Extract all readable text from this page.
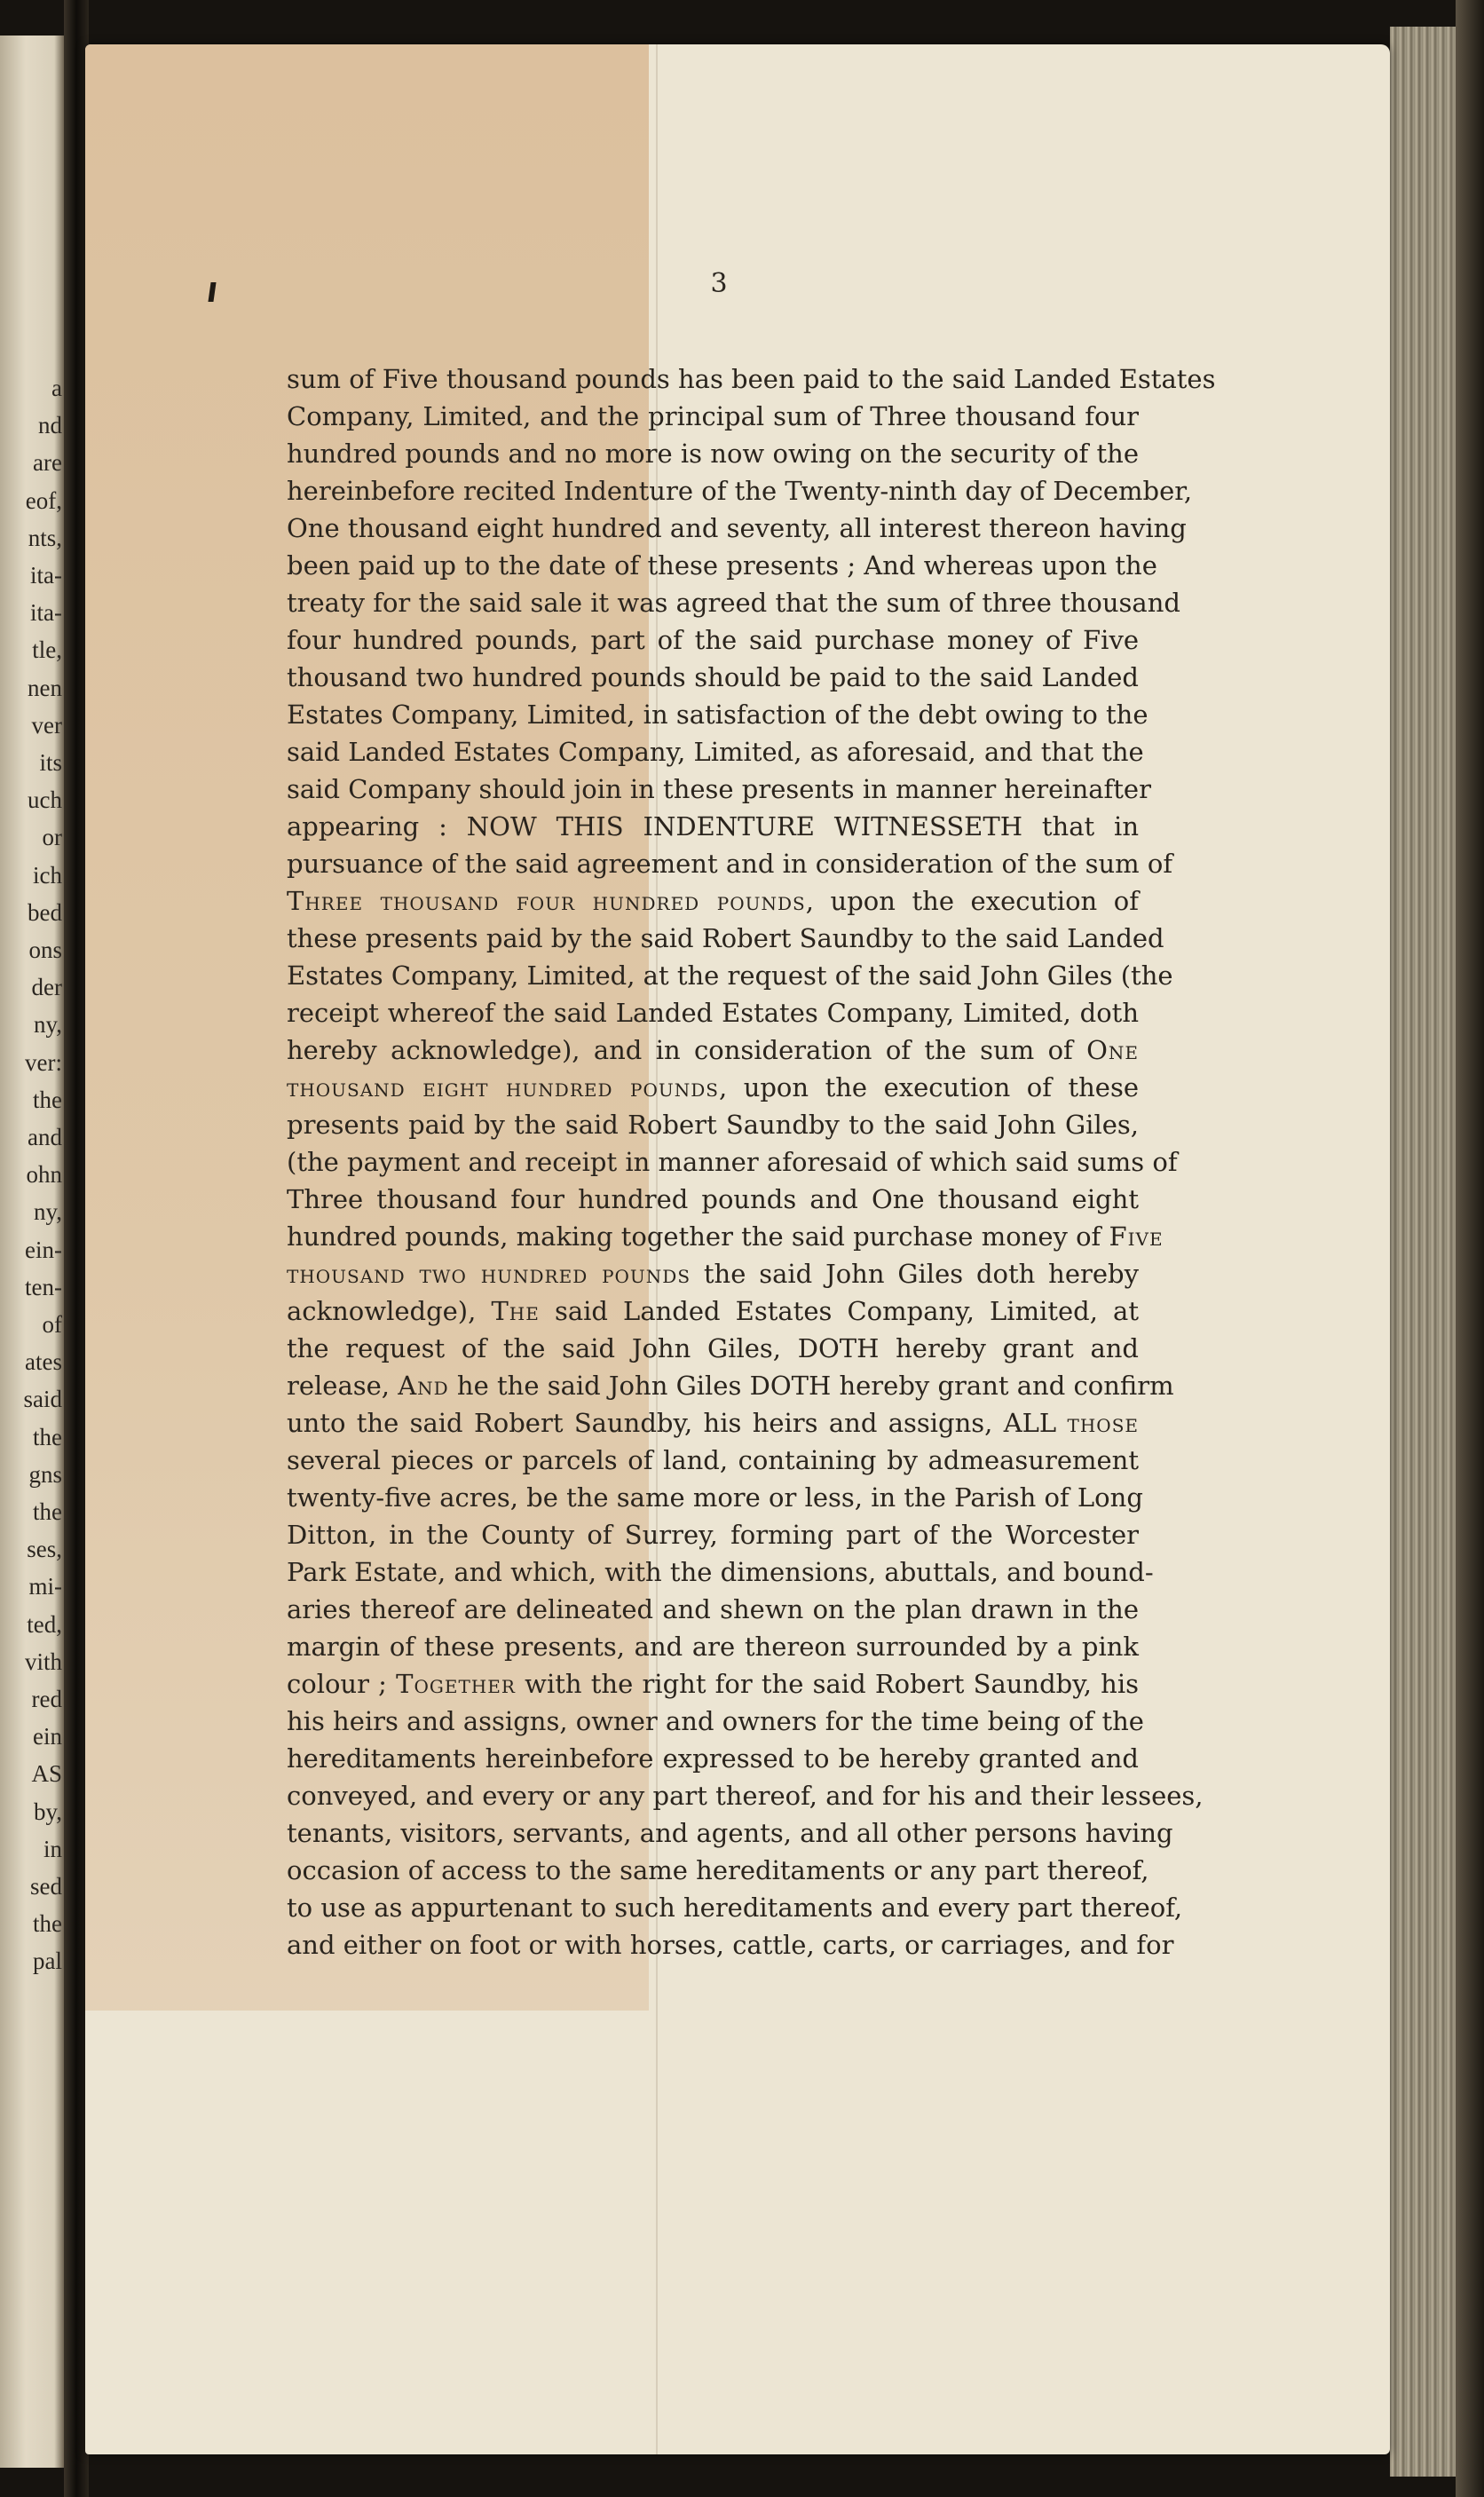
a
nd
are
eof,
nts,
ita-
ita-
tle,
nen
ver
its
uch
or
ich
bed
ons
der
ny,
ver:
the
and
ohn
ny,
ein-
ten-
of
ates
said
the
gns
the
ses,
mi-
ted,
vith
red
ein
AS
by,
in
sed
the
pal
3
sum of Five thousand pounds has been paid to the said Landed Estates
Company, Limited, and the principal sum of Three thousand four
hundred pounds and no more is now owing on the security of the
hereinbefore recited Indenture of the Twenty-ninth day of December,
One thousand eight hundred and seventy, all interest thereon having
been paid up to the date of these presents ; And whereas upon the
treaty for the said sale it was agreed that the sum of three thousand
four hundred pounds, part of the said purchase money of Five
thousand two hundred pounds should be paid to the said Landed
Estates Company, Limited, in satisfaction of the debt owing to the
said Landed Estates Company, Limited, as aforesaid, and that the
said Company should join in these presents in manner hereinafter
appearing : NOW THIS INDENTURE WITNESSETH that in
pursuance of the said agreement and in consideration of the sum of
Three thousand four hundred pounds, upon the execution of
these presents paid by the said Robert Saundby to the said Landed
Estates Company, Limited, at the request of the said John Giles (the
receipt whereof the said Landed Estates Company, Limited, doth
hereby acknowledge), and in consideration of the sum of One
thousand eight hundred pounds, upon the execution of these
presents paid by the said Robert Saundby to the said John Giles,
(the payment and receipt in manner aforesaid of which said sums of
Three thousand four hundred pounds and One thousand eight
hundred pounds, making together the said purchase money of Five
thousand two hundred pounds the said John Giles doth hereby
acknowledge), The said Landed Estates Company, Limited, at
the request of the said John Giles, DOTH hereby grant and
release, And he the said John Giles DOTH hereby grant and confirm
unto the said Robert Saundby, his heirs and assigns, ALL those
several pieces or parcels of land, containing by admeasurement
twenty-five acres, be the same more or less, in the Parish of Long
Ditton, in the County of Surrey, forming part of the Worcester
Park Estate, and which, with the dimensions, abuttals, and bound-
aries thereof are delineated and shewn on the plan drawn in the
margin of these presents, and are thereon surrounded by a pink
colour ; Together with the right for the said Robert Saundby, his
his heirs and assigns, owner and owners for the time being of the
hereditaments hereinbefore expressed to be hereby granted and
conveyed, and every or any part thereof, and for his and their lessees,
tenants, visitors, servants, and agents, and all other persons having
occasion of access to the same hereditaments or any part thereof,
to use as appurtenant to such hereditaments and every part thereof,
and either on foot or with horses, cattle, carts, or carriages, and for
